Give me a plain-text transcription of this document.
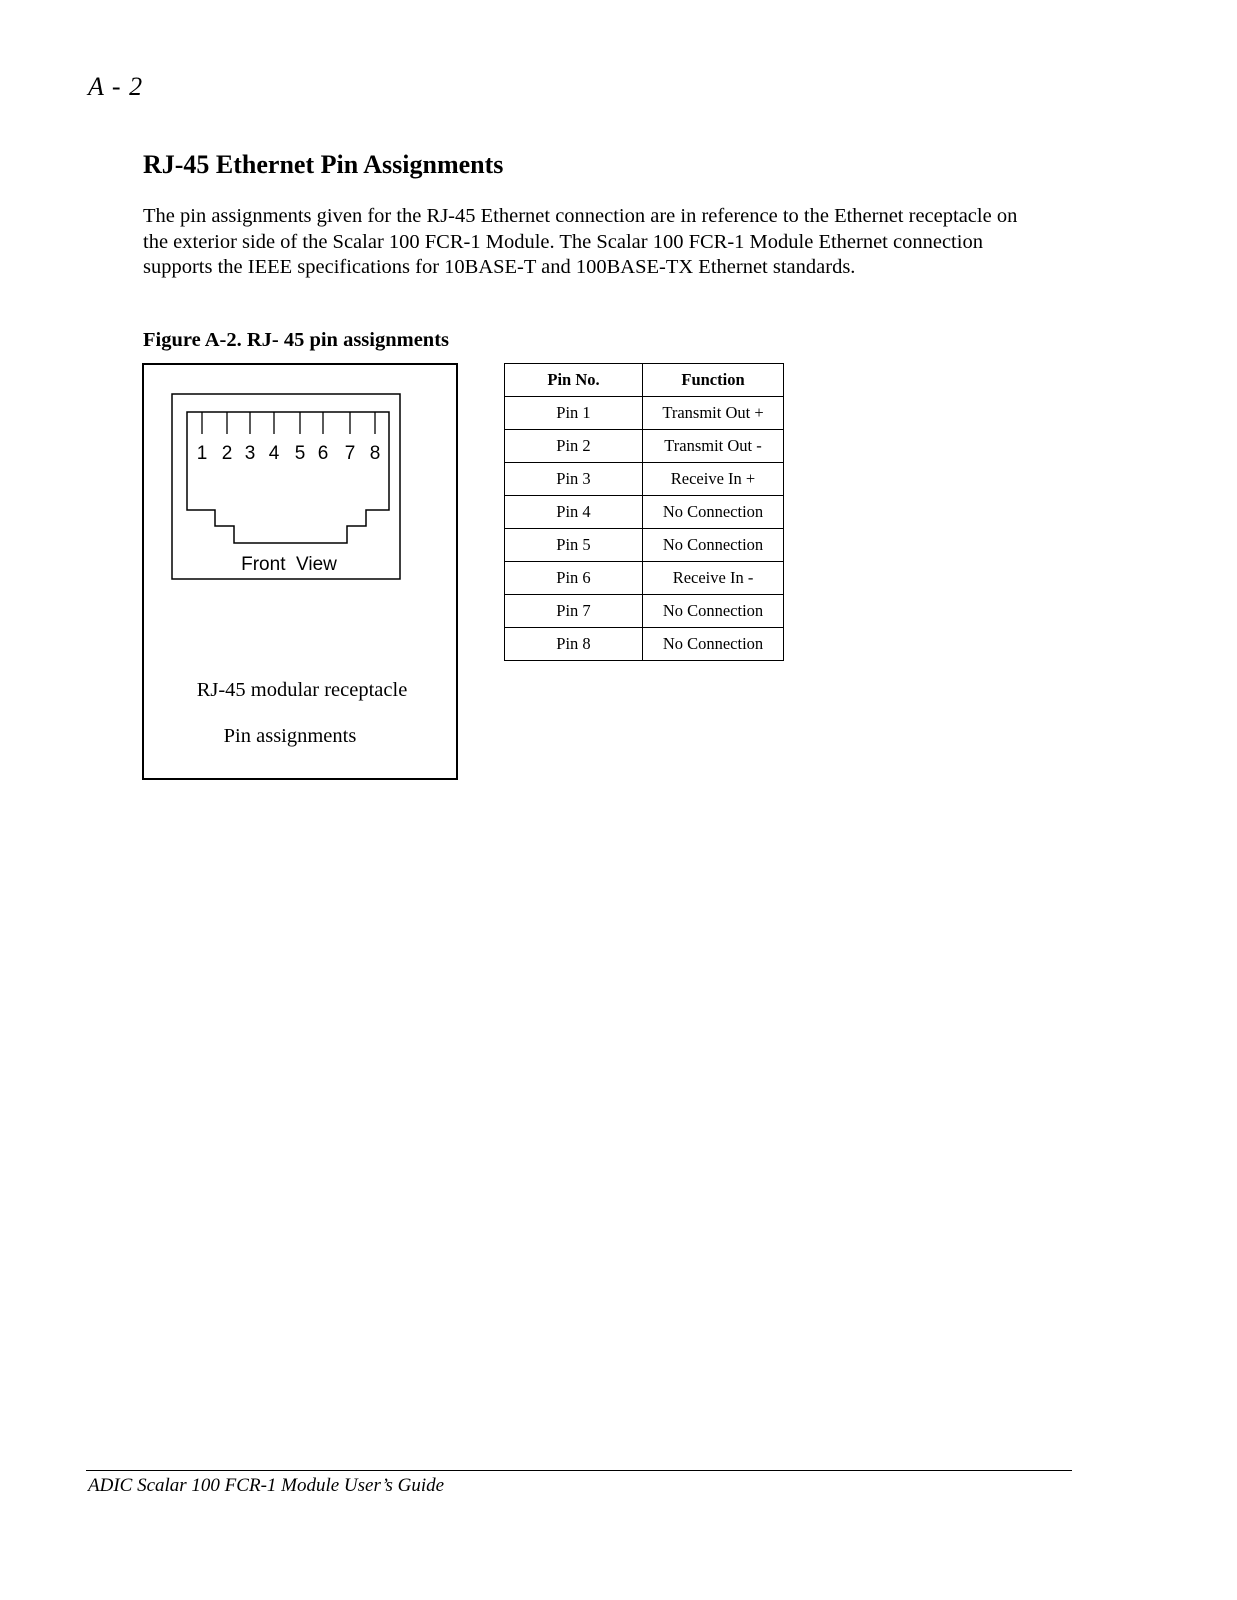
A - 2
RJ-45 Ethernet Pin Assignments

The pin assignments given for the RJ-45 Ethernet connection are in reference to the Ethernet receptacle on the exterior side of the Scalar 100 FCR-1 Module. The Scalar 100 FCR-1 Module Ethernet connection supports the IEEE specifications for 10BASE-T and 100BASE-TX Ethernet standards.

Figure A-2. RJ- 45 pin assignments
1 2 3 4 5 6 7 8
Front  View
RJ-45 modular receptacle
Pin assignments
Pin No.	Function
Pin 1	Transmit Out +
Pin 2	Transmit Out -
Pin 3	Receive In +
Pin 4	No Connection
Pin 5	No Connection
Pin 6	Receive In -
Pin 7	No Connection
Pin 8	No Connection
ADIC Scalar 100 FCR-1 Module User’s Guide
